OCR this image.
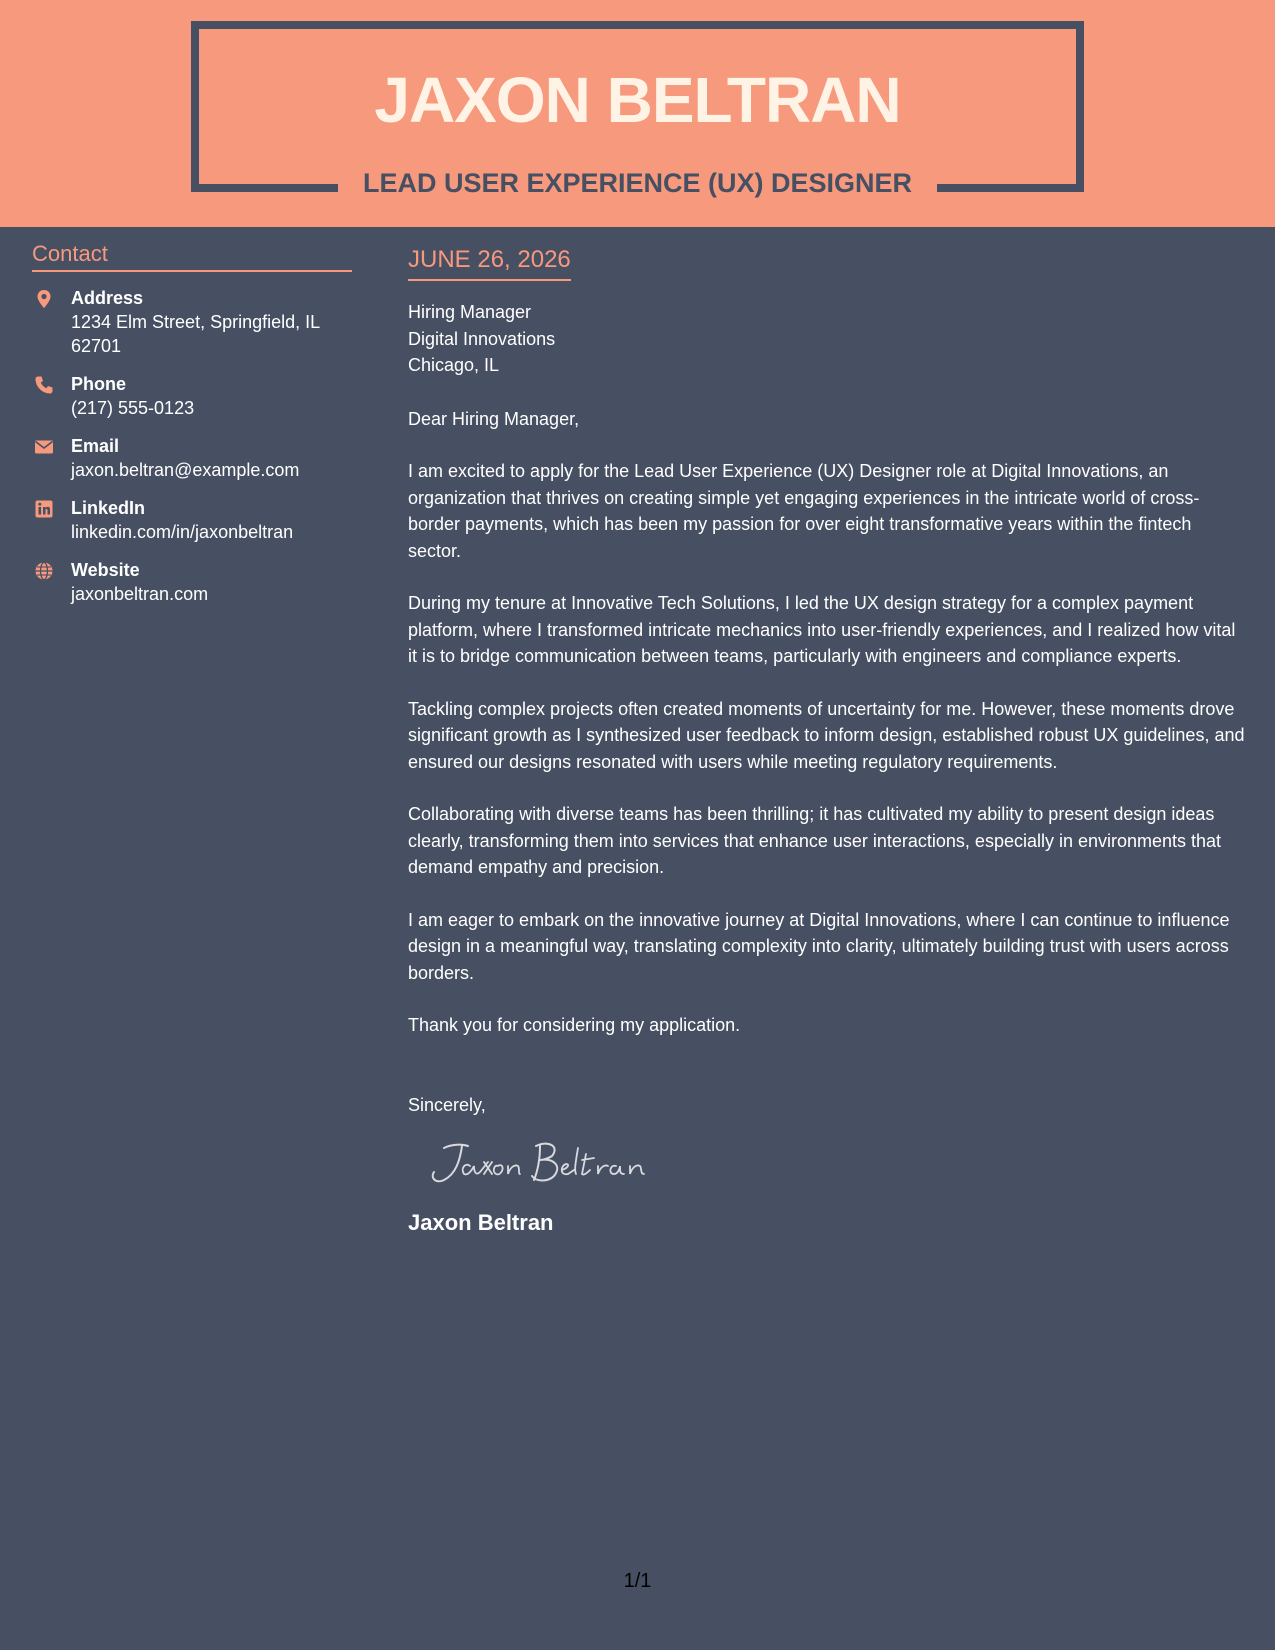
JAXON BELTRAN
LEAD USER EXPERIENCE (UX) DESIGNER
Contact
Address
1234 Elm Street, Springfield, IL 62701
Phone
(217) 555-0123
Email
jaxon.beltran@example.com
LinkedIn
linkedin.com/in/jaxonbeltran
Website
jaxonbeltran.com
JUNE 26, 2026
Hiring Manager
Digital Innovations
Chicago, IL
Dear Hiring Manager,
I am excited to apply for the Lead User Experience (UX) Designer role at Digital Innovations, an organization that thrives on creating simple yet engaging experiences in the intricate world of cross-border payments, which has been my passion for over eight transformative years within the fintech sector.
During my tenure at Innovative Tech Solutions, I led the UX design strategy for a complex payment platform, where I transformed intricate mechanics into user-friendly experiences, and I realized how vital it is to bridge communication between teams, particularly with engineers and compliance experts.
Tackling complex projects often created moments of uncertainty for me. However, these moments drove significant growth as I synthesized user feedback to inform design, established robust UX guidelines, and ensured our designs resonated with users while meeting regulatory requirements.
Collaborating with diverse teams has been thrilling; it has cultivated my ability to present design ideas clearly, transforming them into services that enhance user interactions, especially in environments that demand empathy and precision.
I am eager to embark on the innovative journey at Digital Innovations, where I can continue to influence design in a meaningful way, translating complexity into clarity, ultimately building trust with users across borders.
Thank you for considering my application.
Sincerely,
Jaxon Beltran
1/1
